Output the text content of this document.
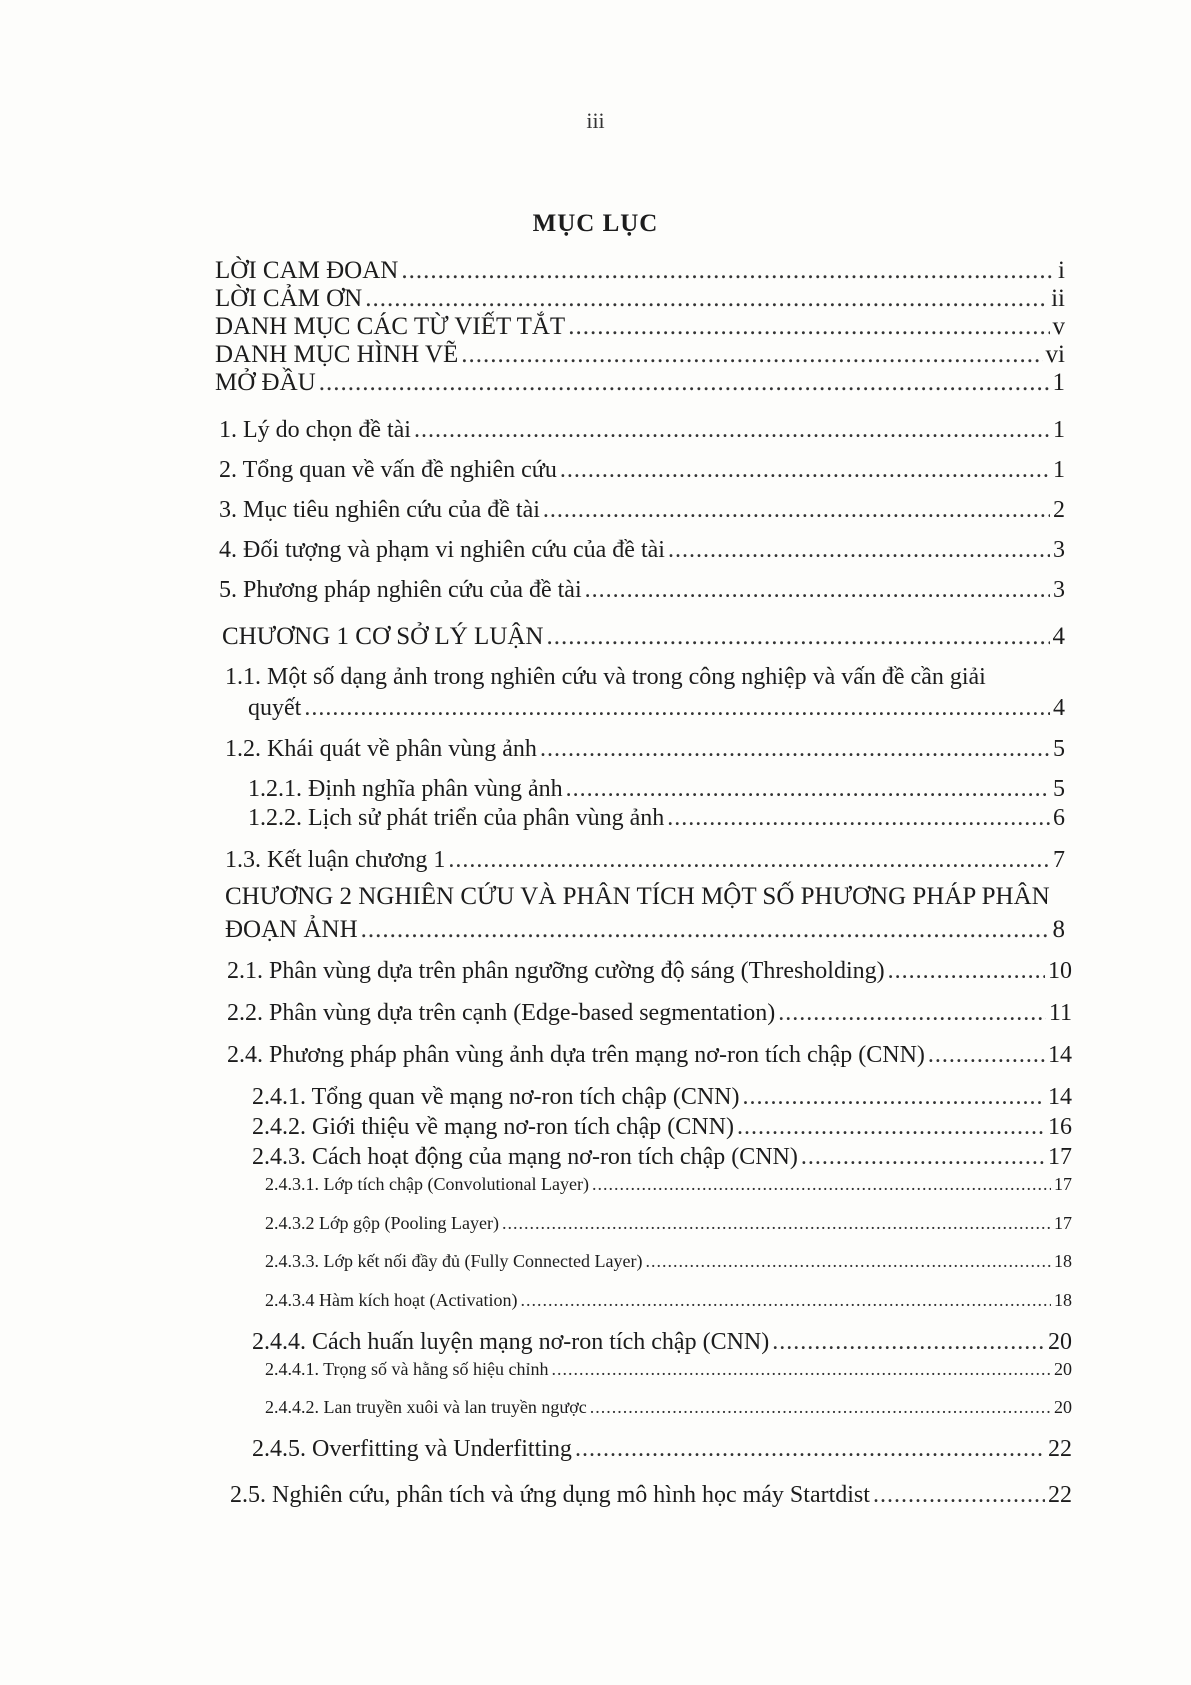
iii
MỤC LỤC
LỜI CAM ĐOAN .....	i
LỜI CẢM ƠN .....	ii
DANH MỤC CÁC TỪ VIẾT TẮT .....	v
DANH MỤC HÌNH VẼ .....	vi
MỞ ĐẦU .....	1
1. Lý do chọn đề tài .....	1
2. Tổng quan về vấn đề nghiên cứu .....	1
3. Mục tiêu nghiên cứu của đề tài .....	2
4. Đối tượng và phạm vi nghiên cứu của đề tài .....	3
5. Phương pháp nghiên cứu của đề tài .....	3
CHƯƠNG 1 CƠ SỞ LÝ LUẬN .....	4
1.1. Một số dạng ảnh trong nghiên cứu và trong công nghiệp và vấn đề cần giải
quyết .....	4
1.2. Khái quát về phân vùng ảnh .....	5
1.2.1. Định nghĩa phân vùng ảnh .....	5
1.2.2. Lịch sử phát triển của phân vùng ảnh .....	6
1.3. Kết luận chương 1 .....	7
CHƯƠNG 2 NGHIÊN CỨU VÀ PHÂN TÍCH MỘT SỐ PHƯƠNG PHÁP PHÂN
ĐOẠN ẢNH .....	8
2.1. Phân vùng dựa trên phân ngưỡng cường độ sáng (Thresholding) .....	10
2.2. Phân vùng dựa trên cạnh (Edge-based segmentation) .....	11
2.4. Phương pháp phân vùng ảnh dựa trên mạng nơ-ron tích chập (CNN) .....	14
2.4.1. Tổng quan về mạng nơ-ron tích chập (CNN) .....	14
2.4.2. Giới thiệu về mạng nơ-ron tích chập (CNN) .....	16
2.4.3. Cách hoạt động của mạng nơ-ron tích chập (CNN) .....	17
2.4.3.1. Lớp tích chập (Convolutional Layer) .....	17
2.4.3.2 Lớp gộp (Pooling Layer) .....	17
2.4.3.3. Lớp kết nối đầy đủ (Fully Connected Layer) .....	18
2.4.3.4 Hàm kích hoạt (Activation) .....	18
2.4.4. Cách huấn luyện mạng nơ-ron tích chập (CNN) .....	20
2.4.4.1. Trọng số và hằng số hiệu chỉnh .....	20
2.4.4.2. Lan truyền xuôi và lan truyền ngược .....	20
2.4.5. Overfitting và Underfitting .....	22
2.5. Nghiên cứu, phân tích và ứng dụng mô hình học máy Startdist .....	22
